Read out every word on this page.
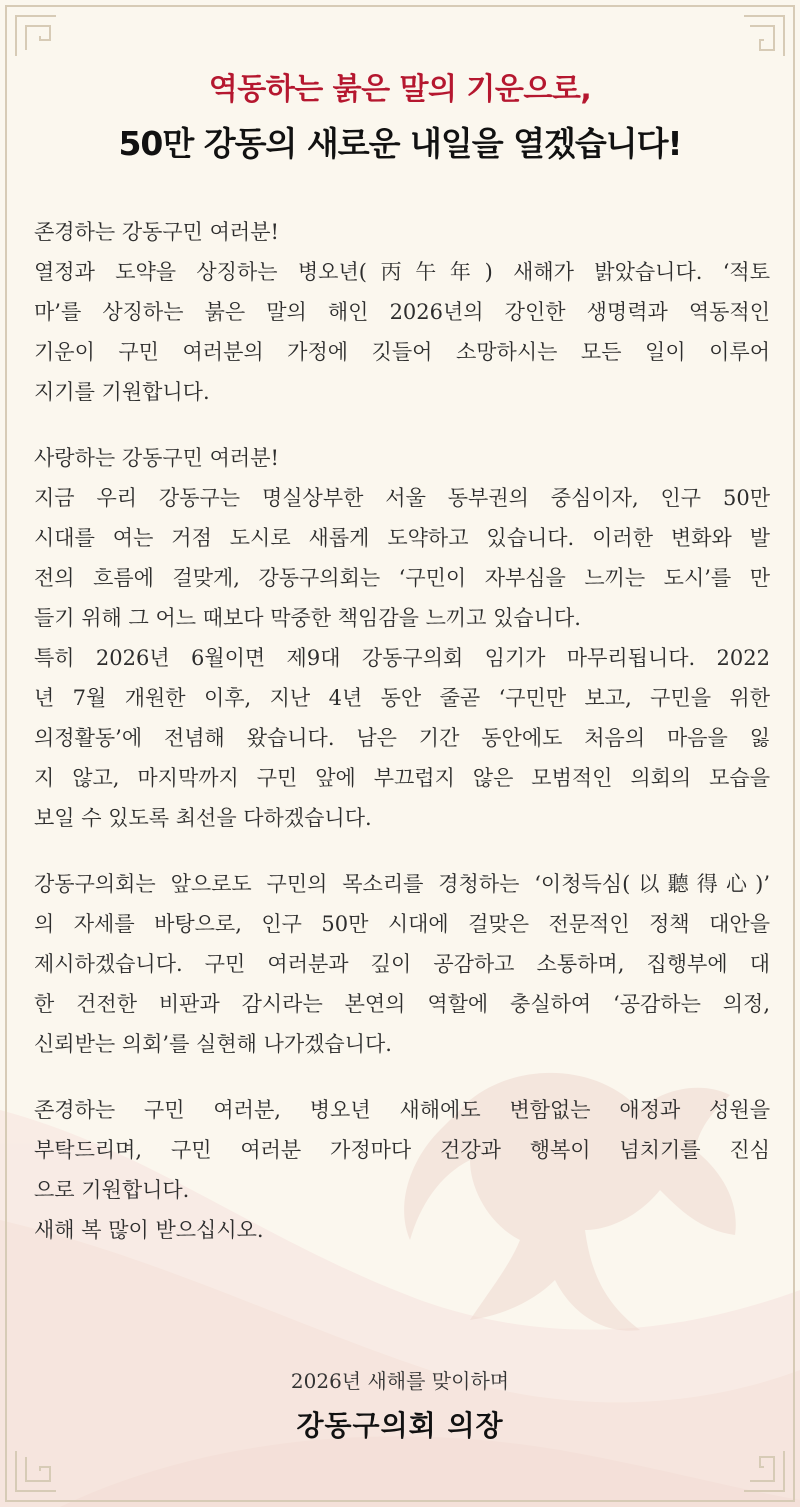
역동하는 붉은 말의 기운으로,
50만 강동의 새로운 내일을 열겠습니다!

존경하는 강동구민 여러분!
열정과 도약을 상징하는 병오년(丙午年) 새해가 밝았습니다. ‘적토
마’를 상징하는 붉은 말의 해인 2026년의 강인한 생명력과 역동적인
기운이 구민 여러분의 가정에 깃들어 소망하시는 모든 일이 이루어
지기를 기원합니다.

사랑하는 강동구민 여러분!
지금 우리 강동구는 명실상부한 서울 동부권의 중심이자, 인구 50만
시대를 여는 거점 도시로 새롭게 도약하고 있습니다. 이러한 변화와 발
전의 흐름에 걸맞게, 강동구의회는 ‘구민이 자부심을 느끼는 도시’를 만
들기 위해 그 어느 때보다 막중한 책임감을 느끼고 있습니다.
특히 2026년 6월이면 제9대 강동구의회 임기가 마무리됩니다. 2022
년 7월 개원한 이후, 지난 4년 동안 줄곧 ‘구민만 보고, 구민을 위한
의정활동’에 전념해 왔습니다. 남은 기간 동안에도 처음의 마음을 잃
지 않고, 마지막까지 구민 앞에 부끄럽지 않은 모범적인 의회의 모습을
보일 수 있도록 최선을 다하겠습니다.

강동구의회는 앞으로도 구민의 목소리를 경청하는 ‘이청득심(以聽得心)’
의 자세를 바탕으로, 인구 50만 시대에 걸맞은 전문적인 정책 대안을
제시하겠습니다. 구민 여러분과 깊이 공감하고 소통하며, 집행부에 대
한 건전한 비판과 감시라는 본연의 역할에 충실하여 ‘공감하는 의정,
신뢰받는 의회’를 실현해 나가겠습니다.

존경하는 구민 여러분, 병오년 새해에도 변함없는 애정과 성원을
부탁드리며, 구민 여러분 가정마다 건강과 행복이 넘치기를 진심
으로 기원합니다.
새해 복 많이 받으십시오.

2026년 새해를 맞이하며
강동구의회 의장
